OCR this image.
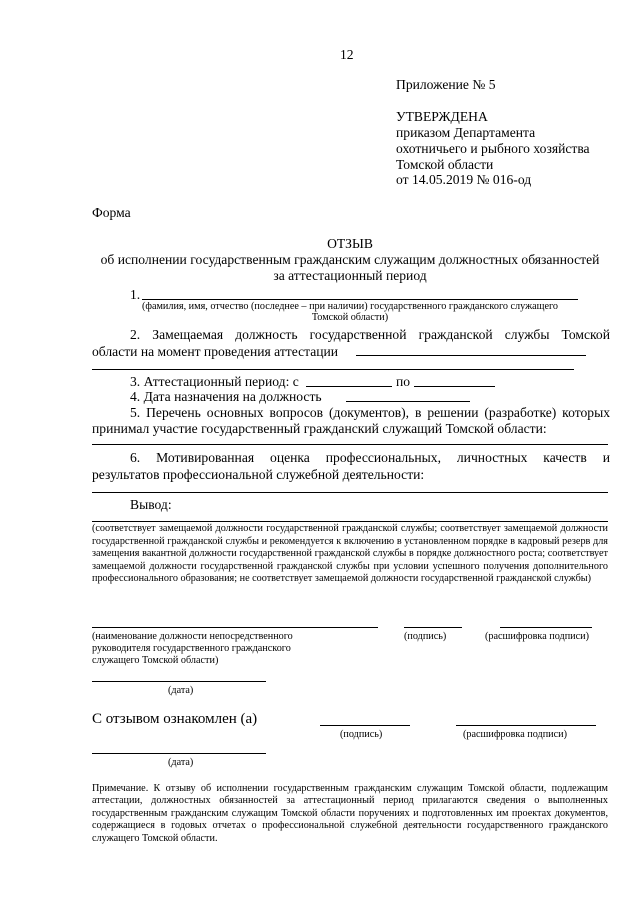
12
Приложение № 5
УТВЕРЖДЕНА
приказом Департамента
охотничьего и рыбного хозяйства
Томской области
от 14.05.2019 № 016-од
Форма
ОТЗЫВ
об исполнении государственным гражданским служащим должностных обязанностей
за аттестационный период
1.
(фамилия, имя, отчество (последнее – при наличии) государственного гражданского служащего
Томской области)
2. Замещаемая должность государственной гражданской службы Томской
области на момент проведения аттестации
3. Аттестационный период: с	по
4. Дата назначения на должность
5. Перечень основных вопросов (документов), в решении (разработке) которых
принимал участие государственный гражданский служащий Томской области:
6. Мотивированная оценка профессиональных, личностных качеств и
результатов профессиональной служебной деятельности:
Вывод:
(соответствует замещаемой должности государственной гражданской службы; соответствует замещаемой должности государственной гражданской службы и рекомендуется к включению в установленном порядке в кадровый резерв для замещения вакантной должности государственной гражданской службы в порядке должностного роста; соответствует замещаемой должности государственной гражданской службы при условии успешного получения дополнительного профессионального образования; не соответствует замещаемой должности государственной гражданской службы)
(наименование должности непосредственного
руководителя государственного гражданского
служащего Томской области)
(подпись)	(расшифровка подписи)
(дата)
С отзывом ознакомлен (а)
(подпись)	(расшифровка подписи)
(дата)
Примечание. К отзыву об исполнении государственным гражданским служащим Томской области, подлежащим аттестации, должностных обязанностей за аттестационный период прилагаются сведения о выполненных государственным гражданским служащим Томской области поручениях и подготовленных им проектах документов, содержащиеся в годовых отчетах о профессиональной служебной деятельности государственного гражданского служащего Томской области.
